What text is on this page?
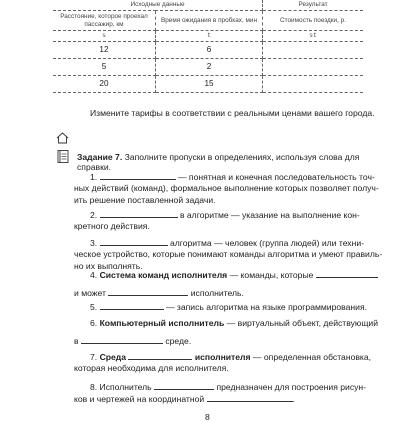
Исходные данные		Результат
Расстояние, которое проехал пассажир, км	Время ожидания в пробках, мин	Стоимость поездки, р.
s	t	st
12	6	
5	2	
20	15	
Измените тарифы в соответствии с реальными ценами вашего города.
Задание 7. Заполните пропуски в определениях, используя слова для справки.
1.	— понятная и конечная последовательность точ-
ных действий (команд), формальное выполнение которых позволяет получ-
ить решение поставленной задачи.
2.	в алгоритме — указание на выполнение кон-
кретного действия.
3.	алгоритма — человек (группа людей) или техни-
ческое устройство, которые понимают команды алгоритма и умеют правиль-
но их выполнять.
4. Система команд исполнителя — команды, которые
и может	исполнитель.
5.	— запись алгоритма на языке программирования.
6. Компьютерный исполнитель — виртуальный объект, действующий
в	среде.
7. Среда	исполнителя — определенная обстановка,
которая необходима для исполнителя.
8. Исполнитель	предназначен для построения рисун-
ков и чертежей на координатной	.
8
